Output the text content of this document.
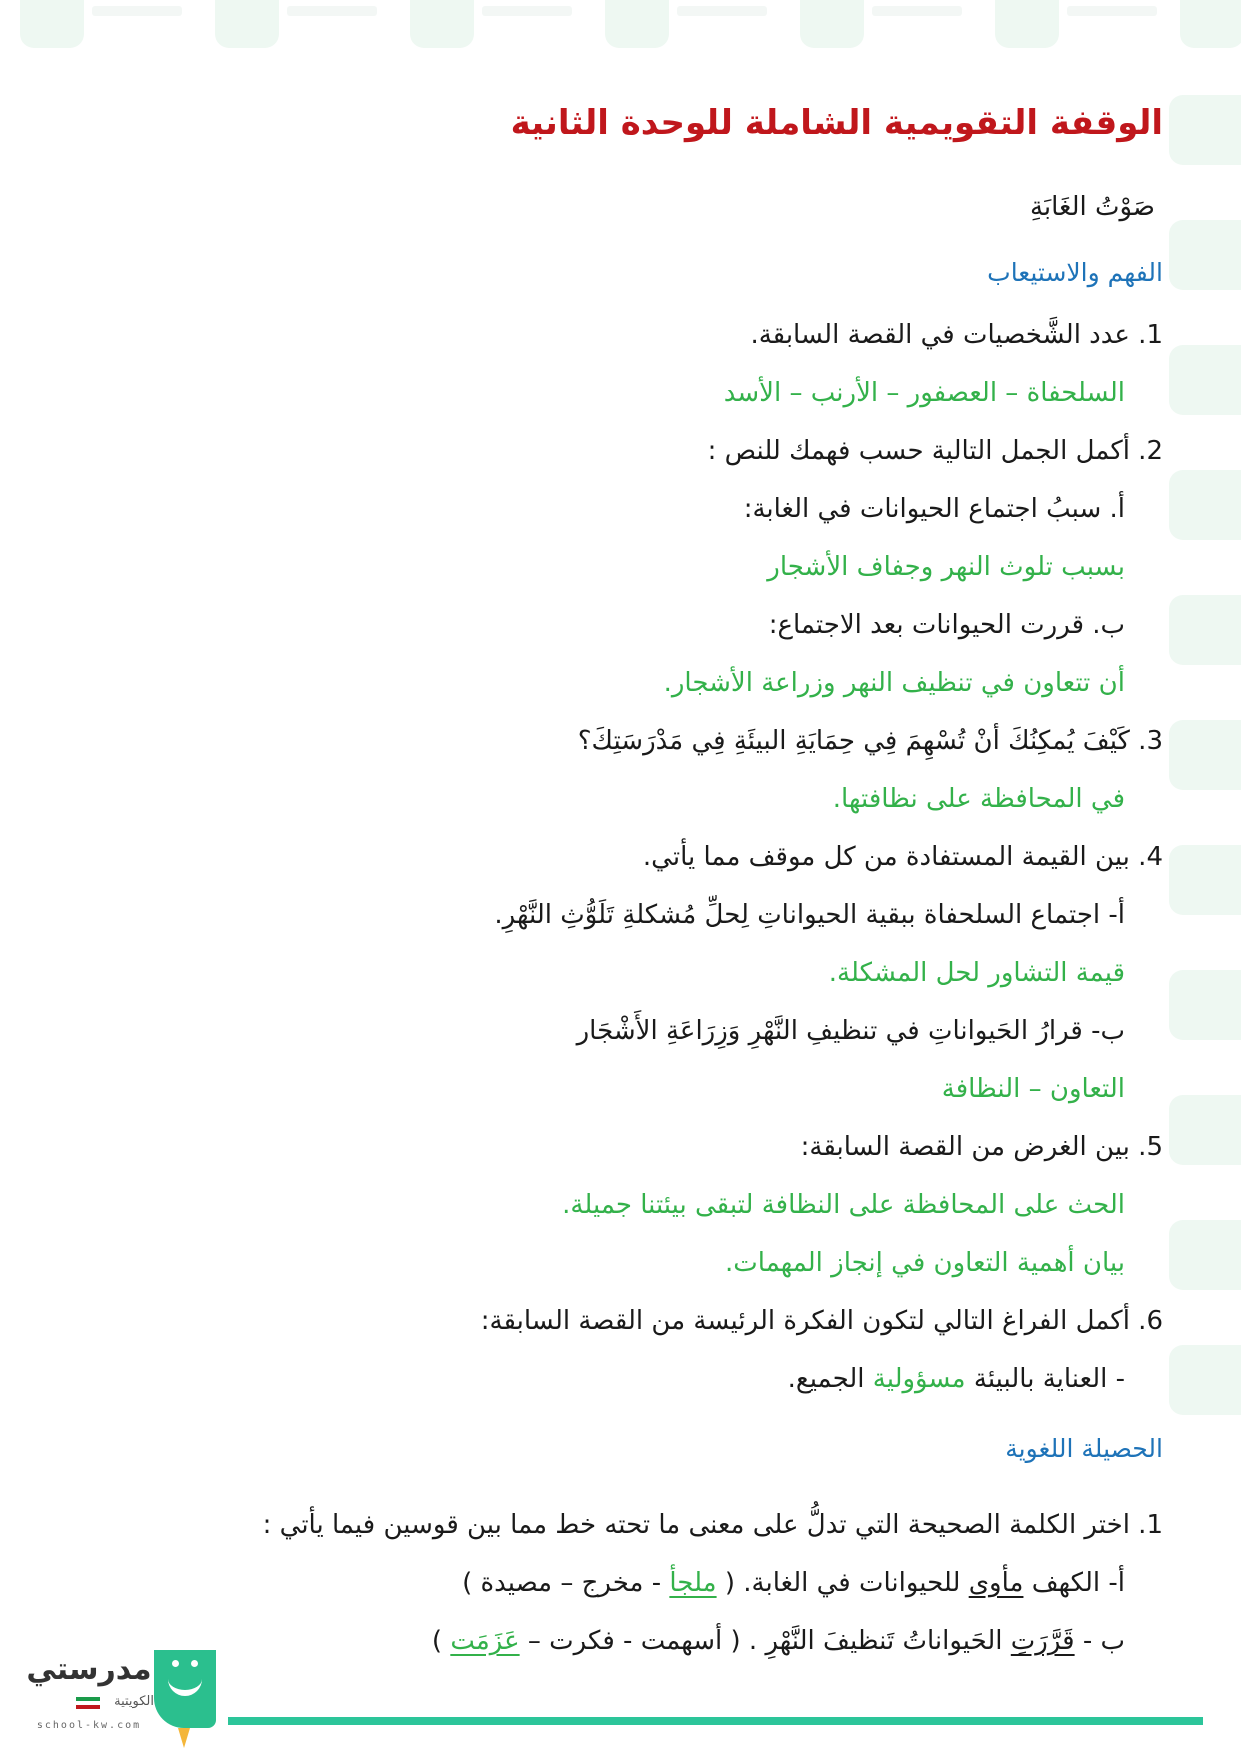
الوقفة التقويمية الشاملة للوحدة الثانية
صَوْتُ الغَابَةِ
الفهم والاستيعاب
1. عدد الشَّخصيات في القصة السابقة.
السلحفاة – العصفور – الأرنب – الأسد
2. أكمل الجمل التالية حسب فهمك للنص :
أ. سببُ اجتماع الحيوانات في الغابة:
بسبب تلوث النهر وجفاف الأشجار
ب. قررت الحيوانات بعد الاجتماع:
أن تتعاون في تنظيف النهر وزراعة الأشجار.
3. كَيْفَ يُمكِنُكَ أنْ تُسْهِمَ فِي حِمَايَةِ البيئَةِ فِي مَدْرَسَتِكَ؟
في المحافظة على نظافتها.
4. بين القيمة المستفادة من كل موقف مما يأتي.
أ- اجتماع السلحفاة ببقية الحيواناتِ لِحلِّ مُشكلةِ تَلَوُّثِ النَّهْرِ.
قيمة التشاور لحل المشكلة.
ب- قرارُ الحَيواناتِ في تنظيفِ النَّهْرِ وَزِرَاعَةِ الأَشْجَار
التعاون – النظافة
5. بين الغرض من القصة السابقة:
الحث على المحافظة على النظافة لتبقى بيئتنا جميلة.
بيان أهمية التعاون في إنجاز المهمات.
6. أكمل الفراغ التالي لتكون الفكرة الرئيسة من القصة السابقة:
- العناية بالبيئة مسؤولية الجميع.
الحصيلة اللغوية
1. اختر الكلمة الصحيحة التي تدلُّ على معنى ما تحته خط مما بين قوسين فيما يأتي :
أ- الكهف مأوى للحيوانات في الغابة. ( ملجأ - مخرج – مصيدة )
ب - قَرَّرَتِ الحَيواناتُ تَنظيفَ النَّهْرِ . ( أسهمت - فكرت – عَزَمَت )
مدرستي
الكويتية
school-kw.com
